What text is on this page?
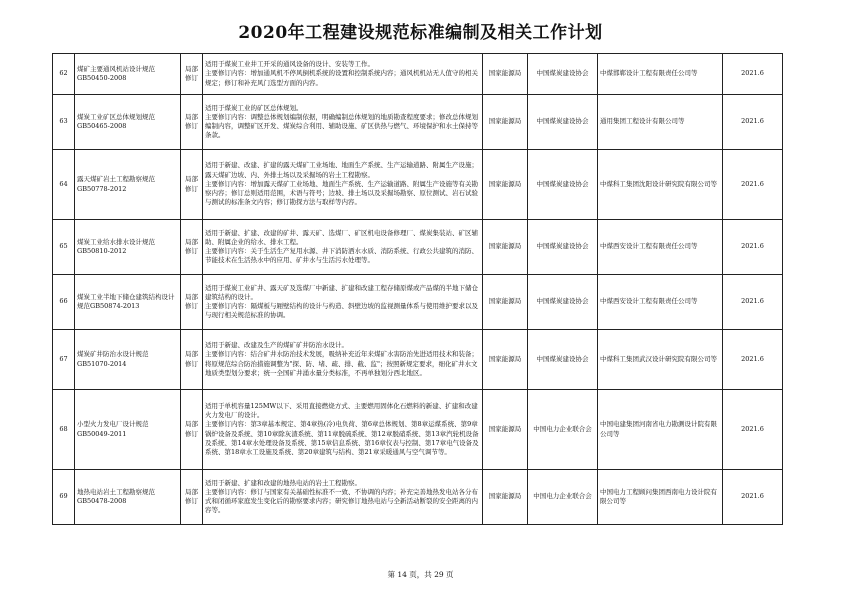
2020年工程建设规范标准编制及相关工作计划
62	煤矿主要通风机站设计规范GB50450-2008	局部修订	适用于煤炭工业井工开采的通风设备的设计、安装等工作。
主要修订内容：增加通风机不停风倒机系统的设置和控制系统内容；通风机机站无人值守的相关规定；修订和补充风门选型方面的内容。	国家能源局	中国煤炭建设协会	中煤邯郸设计工程有限责任公司等	2021.6
63	煤炭工业矿区总体规划规范GB50465-2008	局部修订	适用于煤炭工业的矿区总体规划。
主要修订内容：调整总体规划编制依据，明确编制总体规划的地质勘查程度要求；修改总体规划编制内容，调整矿区开发、煤炭综合利用、辅助设施、矿区供热与燃气、环境保护和水土保持等条款。	国家能源局	中国煤炭建设协会	通用集团工程设计有限公司等	2021.6
64	露天煤矿岩土工程勘察规范GB50778-2012	局部修订	适用于新建、改建、扩建的露天煤矿工业场地、地面生产系统、生产运输道路、附属生产设施；露天煤矿边坡、内、外排土场以及采掘场的岩土工程勘察。
主要修订内容：增加露天煤矿工业场地、地面生产系统、生产运输道路、附属生产设施等有关勘察内容；修订总则适用范围，术语与符号；边坡、排土场以及采掘场勘察、原位测试、岩石试验与测试的标准条文内容；修订勘探方法与取样等内容。	国家能源局	中国煤炭建设协会	中煤科工集团沈阳设计研究院有限公司等	2021.6
65	煤炭工业给水排水设计规范GB50810-2012	局部修订	适用于新建、扩建、改建的矿井、露天矿、选煤厂、矿区机电设备修理厂、煤炭集装站、矿区辅助、附属企业的给水、排水工程。
主要修订内容：关于生活生产复用水源、井下消防洒水水质、消防系统、行政公共建筑的消防、节能技术在生活热水中的应用、矿井水与生活污水处理等。	国家能源局	中国煤炭建设协会	中煤西安设计工程有限责任公司等	2021.6
66	煤炭工业半地下储仓建筑结构设计规范GB50874-2013	局部修订	适用于煤炭工业矿井、露天矿及选煤厂中新建、扩建和改建工程存储原煤或产品煤的半地下储仓建筑结构的设计。
主要修订内容：隔煤板与厢壁结构的设计与构造、斜壁边坡的监视测量体系与使用维护要求以及与现行相关规范标准的协调。	国家能源局	中国煤炭建设协会	中煤西安设计工程有限责任公司等	2021.6
67	煤炭矿井防治水设计规范GB51070-2014	局部修订	适用于新建、改建及生产的煤矿矿井防治水设计。
主要修订内容：结合矿井水防治技术发展，吸纳补充近年来煤矿水害防治先进适用技术和装备；将原规范综合防治措施调整为"探、防、堵、疏、排、截、监"；按照新规定要求，细化矿井水文地质类型划分要求；统一全国矿井涌水量分类标准，不再单独划分西北地区。	国家能源局	中国煤炭建设协会	中煤科工集团武汉设计研究院有限公司等	2021.6
68	小型火力发电厂设计规范GB50049-2011	局部修订	适用于单机容量125MW以下、采用直接燃烧方式、主要燃用固体化石燃料的新建、扩建和改建火力发电厂的设计。
主要修订内容：第3章基本规定、第4章热(冷)电负荷、第6章总体规划、第8章运煤系统、第9章锅炉设备及系统、第10章除灰渣系统、第11章脱硫系统、第12章脱硝系统、第13章汽轮机设备及系统、第14章水处理设备及系统、第15章信息系统、第16章仪表与控制、第17章电气设备及系统、第18章水工设施及系统、第20章建筑与结构、第21章采暖通风与空气调节等。	国家能源局	中国电力企业联合会	中国电建集团河南省电力勘测设计院有限公司等	2021.6
69	地热电站岩土工程勘察规范GB50478-2008	局部修订	适用于新建、扩建和改建的地热电站的岩土工程勘察。
主要修订内容：修订与国家有关基础性标准不一致、不协调的内容；补充完善地热发电站各分布式和闭循环家庭发生变化后的勘察要求内容；研究修订地热电站与全新活动断裂的安全距离的内容等。	国家能源局	中国电力企业联合会	中国电力工程顾问集团西南电力设计院有限公司等	2021.6
第 14 页，共 29 页
